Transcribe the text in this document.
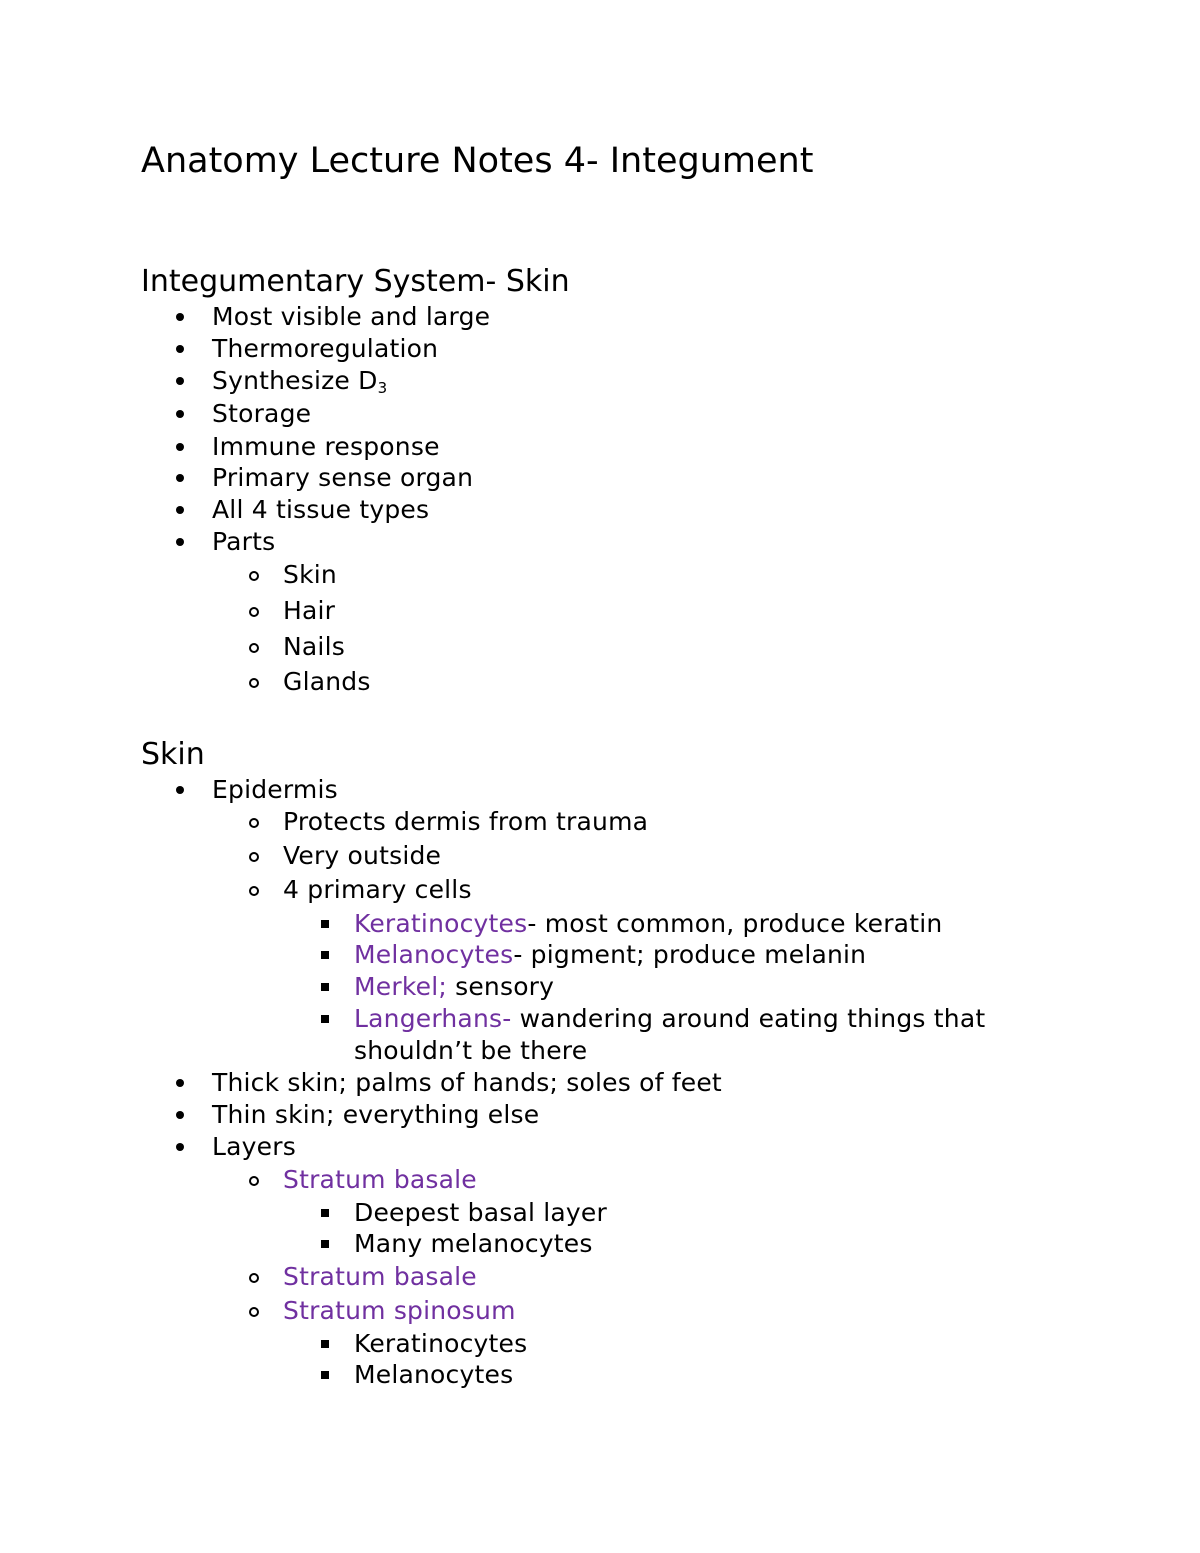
Anatomy Lecture Notes 4- Integument
Integumentary System- Skin
Most visible and large
Thermoregulation
Synthesize $D_3$
Storage
Immune response
Primary sense organ
All 4 tissue types
Parts
Skin
Hair
Nails
Glands
Skin
Epidermis
Protects dermis from trauma
Very outside
4 primary cells
Keratinocytes- most common, produce keratin
Melanocytes- pigment; produce melanin
Merkel; sensory
Langerhans- wandering around eating things that
shouldn’t be there
Thick skin; palms of hands; soles of feet
Thin skin; everything else
Layers
Stratum basale
Deepest basal layer
Many melanocytes
Stratum basale
Stratum spinosum
Keratinocytes
Melanocytes
